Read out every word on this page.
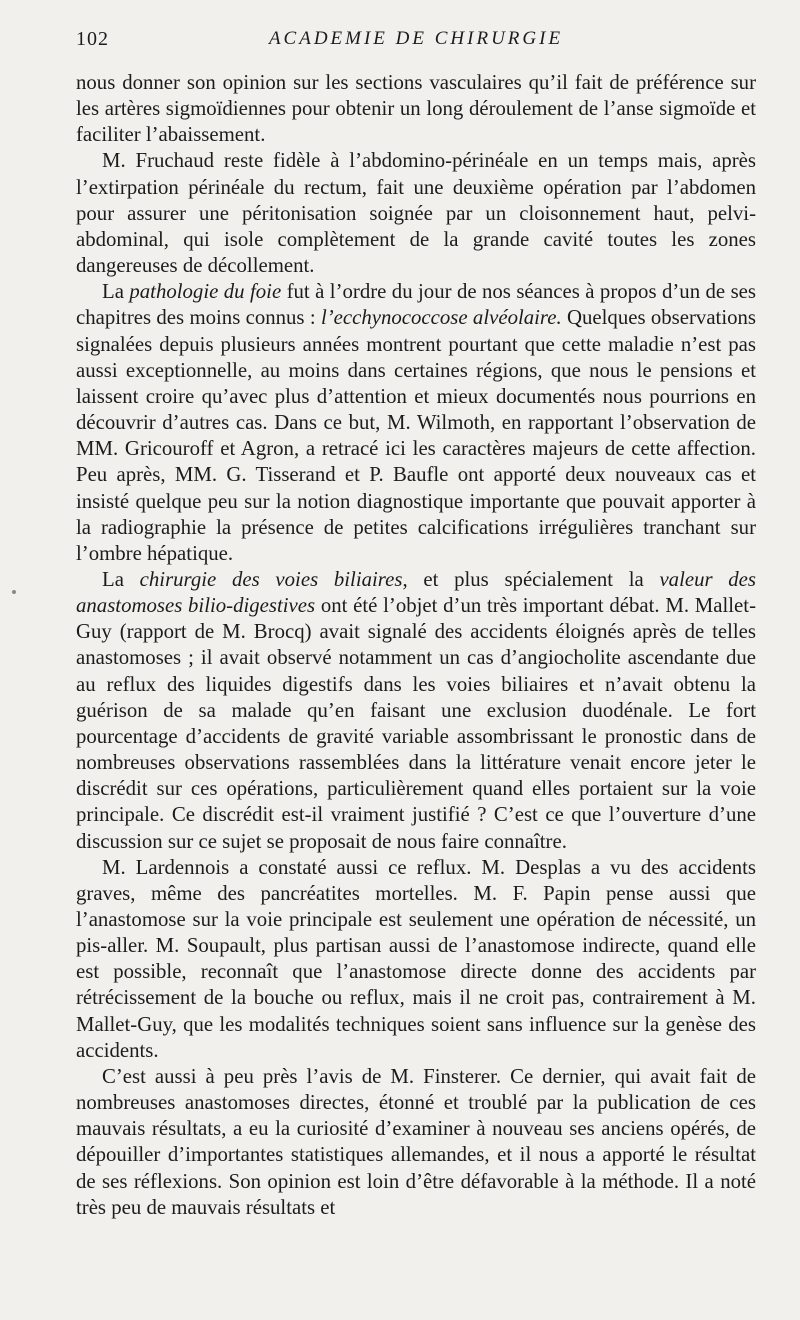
102	ACADEMIE DE CHIRURGIE

nous donner son opinion sur les sections vasculaires qu’il fait de préférence sur les artères sigmoïdiennes pour obtenir un long déroulement de l’anse sigmoïde et faciliter l’abaissement.

M. Fruchaud reste fidèle à l’abdomino-périnéale en un temps mais, après l’extirpation périnéale du rectum, fait une deuxième opération par l’abdomen pour assurer une péritonisation soignée par un cloisonnement haut, pelvi-abdominal, qui isole complètement de la grande cavité toutes les zones dangereuses de décollement.

La pathologie du foie fut à l’ordre du jour de nos séances à propos d’un de ses chapitres des moins connus : l’ecchynococcose alvéolaire. Quelques observations signalées depuis plusieurs années montrent pourtant que cette maladie n’est pas aussi exceptionnelle, au moins dans certaines régions, que nous le pensions et laissent croire qu’avec plus d’attention et mieux documentés nous pourrions en découvrir d’autres cas. Dans ce but, M. Wilmoth, en rapportant l’observation de MM. Gricouroff et Agron, a retracé ici les caractères majeurs de cette affection. Peu après, MM. G. Tisserand et P. Baufle ont apporté deux nouveaux cas et insisté quelque peu sur la notion diagnostique importante que pouvait apporter à la radiographie la présence de petites calcifications irrégulières tranchant sur l’ombre hépatique.

La chirurgie des voies biliaires, et plus spécialement la valeur des anastomoses bilio-digestives ont été l’objet d’un très important débat. M. Mallet-Guy (rapport de M. Brocq) avait signalé des accidents éloignés après de telles anastomoses ; il avait observé notamment un cas d’angiocholite ascendante due au reflux des liquides digestifs dans les voies biliaires et n’avait obtenu la guérison de sa malade qu’en faisant une exclusion duodénale. Le fort pourcentage d’accidents de gravité variable assombrissant le pronostic dans de nombreuses observations rassemblées dans la littérature venait encore jeter le discrédit sur ces opérations, particulièrement quand elles portaient sur la voie principale. Ce discrédit est-il vraiment justifié ? C’est ce que l’ouverture d’une discussion sur ce sujet se proposait de nous faire connaître.

M. Lardennois a constaté aussi ce reflux. M. Desplas a vu des accidents graves, même des pancréatites mortelles. M. F. Papin pense aussi que l’anastomose sur la voie principale est seulement une opération de nécessité, un pis-aller. M. Soupault, plus partisan aussi de l’anastomose indirecte, quand elle est possible, reconnaît que l’anastomose directe donne des accidents par rétrécissement de la bouche ou reflux, mais il ne croit pas, contrairement à M. Mallet-Guy, que les modalités techniques soient sans influence sur la genèse des accidents.

C’est aussi à peu près l’avis de M. Finsterer. Ce dernier, qui avait fait de nombreuses anastomoses directes, étonné et troublé par la publication de ces mauvais résultats, a eu la curiosité d’examiner à nouveau ses anciens opérés, de dépouiller d’importantes statistiques allemandes, et il nous a apporté le résultat de ses réflexions. Son opinion est loin d’être défavorable à la méthode. Il a noté très peu de mauvais résultats et
